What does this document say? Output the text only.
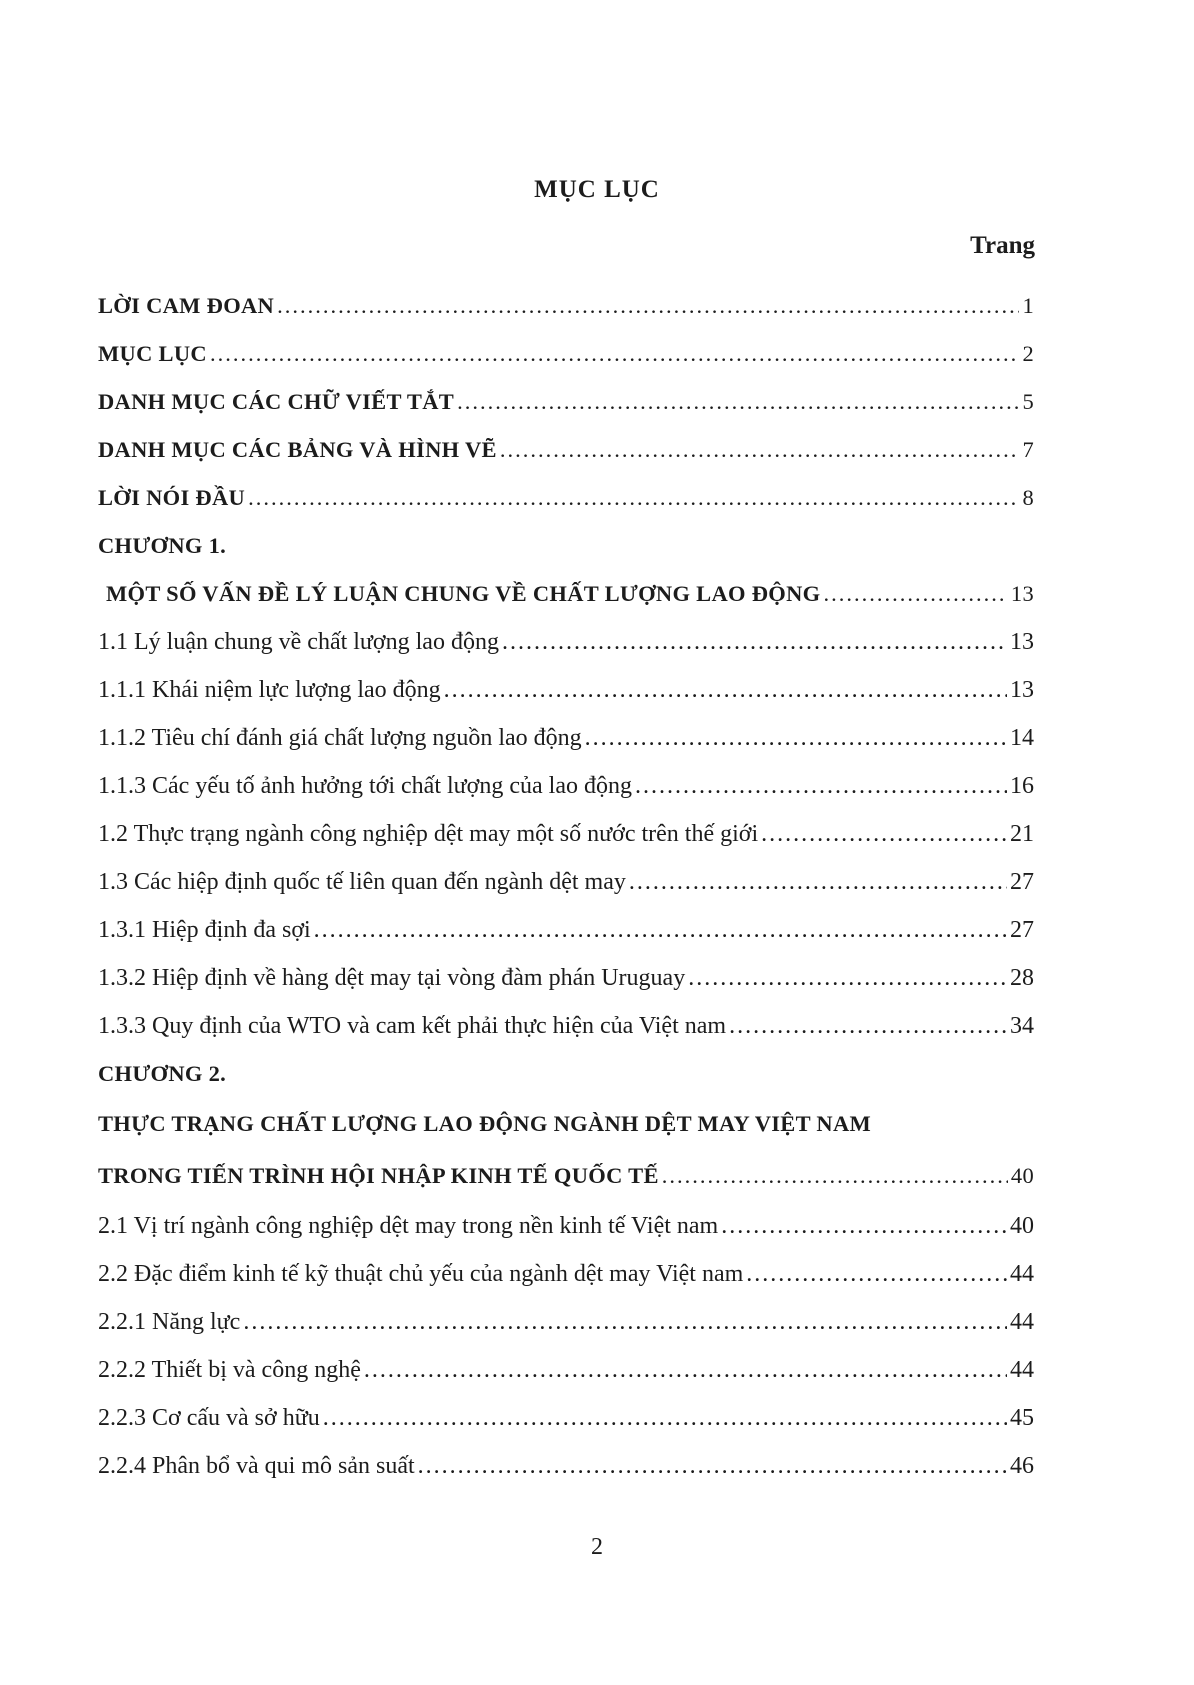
MỤC LỤC
Trang
LỜI CAM ĐOAN .....	1
MỤC LỤC .....	2
DANH MỤC CÁC CHỮ VIẾT TẮT .....	5
DANH MỤC CÁC BẢNG VÀ HÌNH VẼ .....	7
LỜI NÓI ĐẦU .....	8
CHƯƠNG 1.
MỘT SỐ VẤN ĐỀ LÝ LUẬN CHUNG VỀ CHẤT LƯỢNG LAO ĐỘNG .....	13
1.1 Lý luận chung về chất lượng lao động .....	13
1.1.1 Khái niệm lực lượng lao động .....	13
1.1.2 Tiêu chí đánh giá chất lượng nguồn lao động .....	14
1.1.3 Các yếu tố ảnh hưởng tới chất lượng của lao động .....	16
1.2 Thực trạng ngành công nghiệp dệt may một số nước trên thế giới .....	21
1.3 Các hiệp định quốc tế liên quan đến ngành dệt may .....	27
1.3.1 Hiệp định đa sợi .....	27
1.3.2 Hiệp định về hàng dệt may tại vòng đàm phán Uruguay .....	28
1.3.3 Quy định của WTO và cam kết phải thực hiện của Việt nam .....	34
CHƯƠNG 2.
THỰC TRẠNG CHẤT LƯỢNG LAO ĐỘNG NGÀNH DỆT MAY VIỆT NAM
TRONG TIẾN TRÌNH HỘI NHẬP KINH TẾ QUỐC TẾ .....	40
2.1 Vị trí ngành công nghiệp dệt may trong nền kinh tế Việt nam .....	40
2.2 Đặc điểm kinh tế kỹ thuật chủ yếu của ngành dệt may Việt nam .....	44
2.2.1 Năng lực .....	44
2.2.2 Thiết bị và công nghệ .....	44
2.2.3 Cơ cấu và sở hữu .....	45
2.2.4 Phân bổ và qui mô sản suất .....	46
2
